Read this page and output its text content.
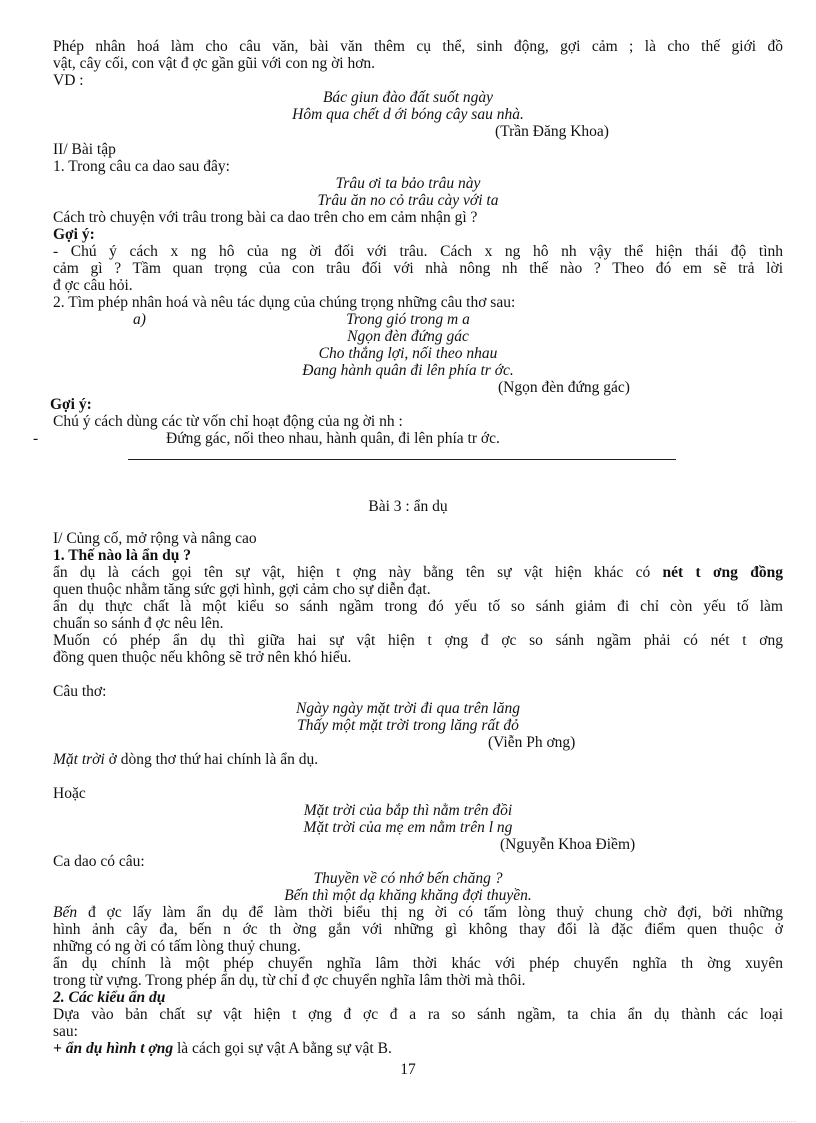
Phép nhân hoá làm cho câu văn, bài văn thêm cụ thể, sinh động, gợi cảm ; là cho thế giới đồ
vật, cây cối, con vật đ ợc gần gũi với con ng ời hơn.
VD :
Bác giun đào đất suốt ngày
Hôm qua chết d ới bóng cây sau nhà.
(Trần Đăng Khoa)
II/ Bài tập
1. Trong câu ca dao sau đây:
Trâu ơi ta bảo trâu này
Trâu ăn no cỏ trâu cày với ta
Cách trò chuyện với trâu trong bài ca dao trên cho em cảm nhận gì ?
Gợi ý:
- Chú ý cách x ng hô của ng ời đối với trâu. Cách x ng hô nh vậy thể hiện thái độ tình
cảm gì ? Tầm quan trọng của con trâu đối với nhà nông nh thế nào ? Theo đó em sẽ trả lời
đ ợc câu hỏi.
2. Tìm phép nhân hoá và nêu tác dụng của chúng trọng những câu thơ sau:
a)	Trong gió trong m a
Ngọn đèn đứng gác
Cho thắng lợi, nối theo nhau
Đang hành quân đi lên phía tr ớc.
(Ngọn đèn đứng gác)
Gợi ý:
Chú ý cách dùng các từ vốn chỉ hoạt động của ng ời nh :
-	Đứng gác, nối theo nhau, hành quân, đi lên phía tr ớc.
Bài 3 : ẩn dụ
I/ Củng cố, mở rộng và nâng cao
1. Thế nào là ẩn dụ ?
ẩn dụ là cách gọi tên sự vật, hiện t ợng này bằng tên sự vật hiện khác có nét t ơng đồng
quen thuộc nhằm tăng sức gợi hình, gợi cảm cho sự diễn đạt.
ẩn dụ thực chất là một kiểu so sánh ngầm trong đó yếu tố so sánh giảm đi chỉ còn yếu tố làm
chuẩn so sánh đ ợc nêu lên.
Muốn có phép ẩn dụ thì giữa hai sự vật hiện t ợng đ ợc so sánh ngầm phải có nét t ơng
đồng quen thuộc nếu không sẽ trở nên khó hiểu.
Câu thơ:
Ngày ngày mặt trời đi qua trên lăng
Thấy một mặt trời trong lăng rất đỏ
(Viễn Ph ơng)
Mặt trời ở dòng thơ thứ hai chính là ẩn dụ.
Hoặc
Mặt trời của bắp thì nằm trên đồi
Mặt trời của mẹ em nằm trên l ng
(Nguyễn Khoa Điềm)
Ca dao có câu:
Thuyền về có nhớ bến chăng ?
Bến thì một dạ khăng khăng đợi thuyền.
Bến đ ợc lấy làm ẩn dụ để làm thời biểu thị ng ời có tấm lòng thuỷ chung chờ đợi, bởi những
hình ảnh cây đa, bến n ớc th ờng gắn với những gì không thay đổi là đặc điểm quen thuộc ở
những có ng ời có tấm lòng thuỷ chung.
ẩn dụ chính là một phép chuyển nghĩa lâm thời khác với phép chuyển nghĩa th ờng xuyên
trong từ vựng. Trong phép ẩn dụ, từ chỉ đ ợc chuyển nghĩa lâm thời mà thôi.
2. Các kiểu ẩn dụ
Dựa vào bản chất sự vật hiện t ợng đ ợc đ a ra so sánh ngầm, ta chia ẩn dụ thành các loại
sau:
+ ẩn dụ hình t ợng là cách gọi sự vật A bằng sự vật B.
17
